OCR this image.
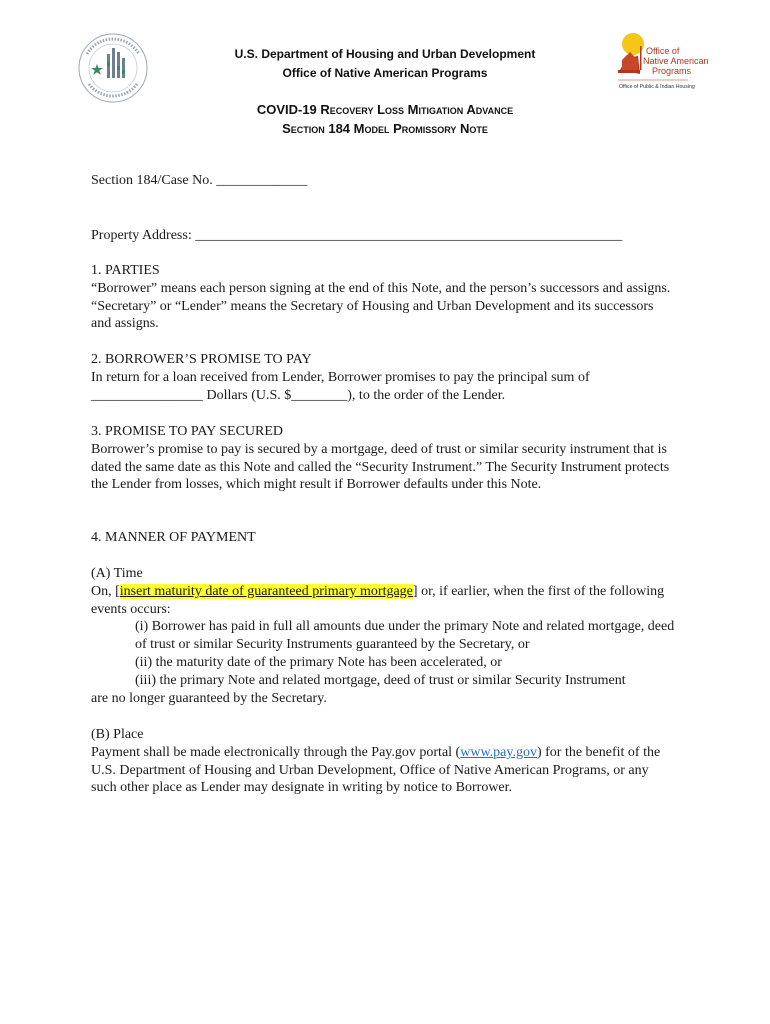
Office of
Native American
Programs
Office of Public & Indian Housing
U.S. Department of Housing and Urban Development
Office of Native American Programs
COVID-19 Recovery Loss Mitigation Advance
Section 184 Model Promissory Note
Section 184/Case No. _____________
Property Address: _____________________________________________________________

1. PARTIES

“Borrower” means each person signing at the end of this Note, and the person’s successors and assigns. “Secretary” or “Lender” means the Secretary of Housing and Urban Development and its successors and assigns.

2. BORROWER’S PROMISE TO PAY

In return for a loan received from Lender, Borrower promises to pay the principal sum of

________________ Dollars (U.S. $________), to the order of the Lender.

3. PROMISE TO PAY SECURED

Borrower’s promise to pay is secured by a mortgage, deed of trust or similar security instrument that is dated the same date as this Note and called the “Security Instrument.” The Security Instrument protects the Lender from losses, which might result if Borrower defaults under this Note.

4. MANNER OF PAYMENT

(A) Time

On, [insert maturity date of guaranteed primary mortgage] or, if earlier, when the first of the following events occurs:

(i) Borrower has paid in full all amounts due under the primary Note and related mortgage, deed of trust or similar Security Instruments guaranteed by the Secretary, or

(ii) the maturity date of the primary Note has been accelerated, or

(iii) the primary Note and related mortgage, deed of trust or similar Security Instrument

are no longer guaranteed by the Secretary.

(B) Place

Payment shall be made electronically through the Pay.gov portal (www.pay.gov) for the benefit of the U.S. Department of Housing and Urban Development, Office of Native American Programs, or any such other place as Lender may designate in writing by notice to Borrower.
